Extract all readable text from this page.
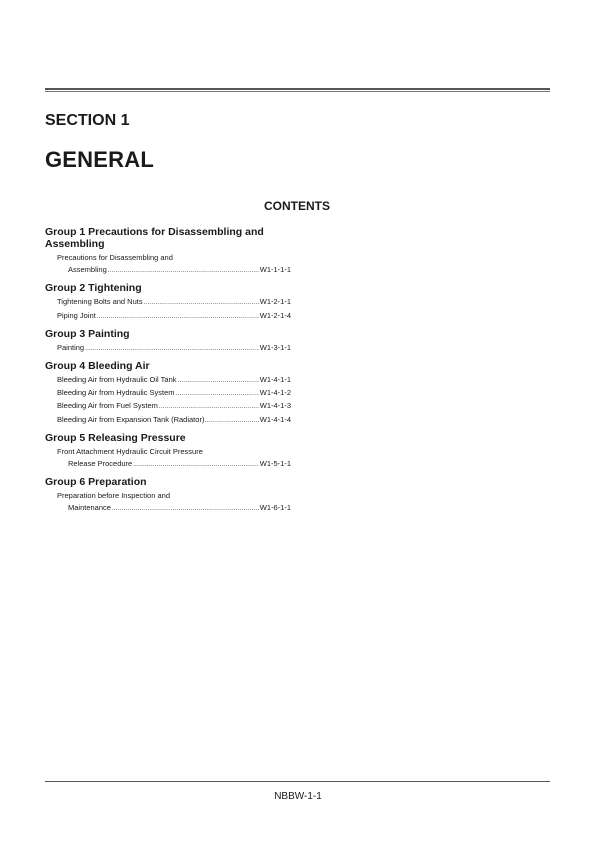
SECTION 1
GENERAL
CONTENTS
Group 1 Precautions for Disassembling and Assembling
Precautions for Disassembling and
Assembling .....	W1-1-1-1
Group 2 Tightening
Tightening Bolts and Nuts .....	W1-2-1-1
Piping Joint .....	W1-2-1-4
Group 3 Painting
Painting .....	W1-3-1-1
Group 4 Bleeding Air
Bleeding Air from Hydraulic Oil Tank .....	W1-4-1-1
Bleeding Air from Hydraulic System .....	W1-4-1-2
Bleeding Air from Fuel System .....	W1-4-1-3
Bleeding Air from Expansion Tank (Radiator) .....	W1-4-1-4
Group 5 Releasing Pressure
Front Attachment Hydraulic Circuit Pressure
Release Procedure .....	W1-5-1-1
Group 6 Preparation
Preparation before Inspection and
Maintenance .....	W1-6-1-1

NBBW-1-1
